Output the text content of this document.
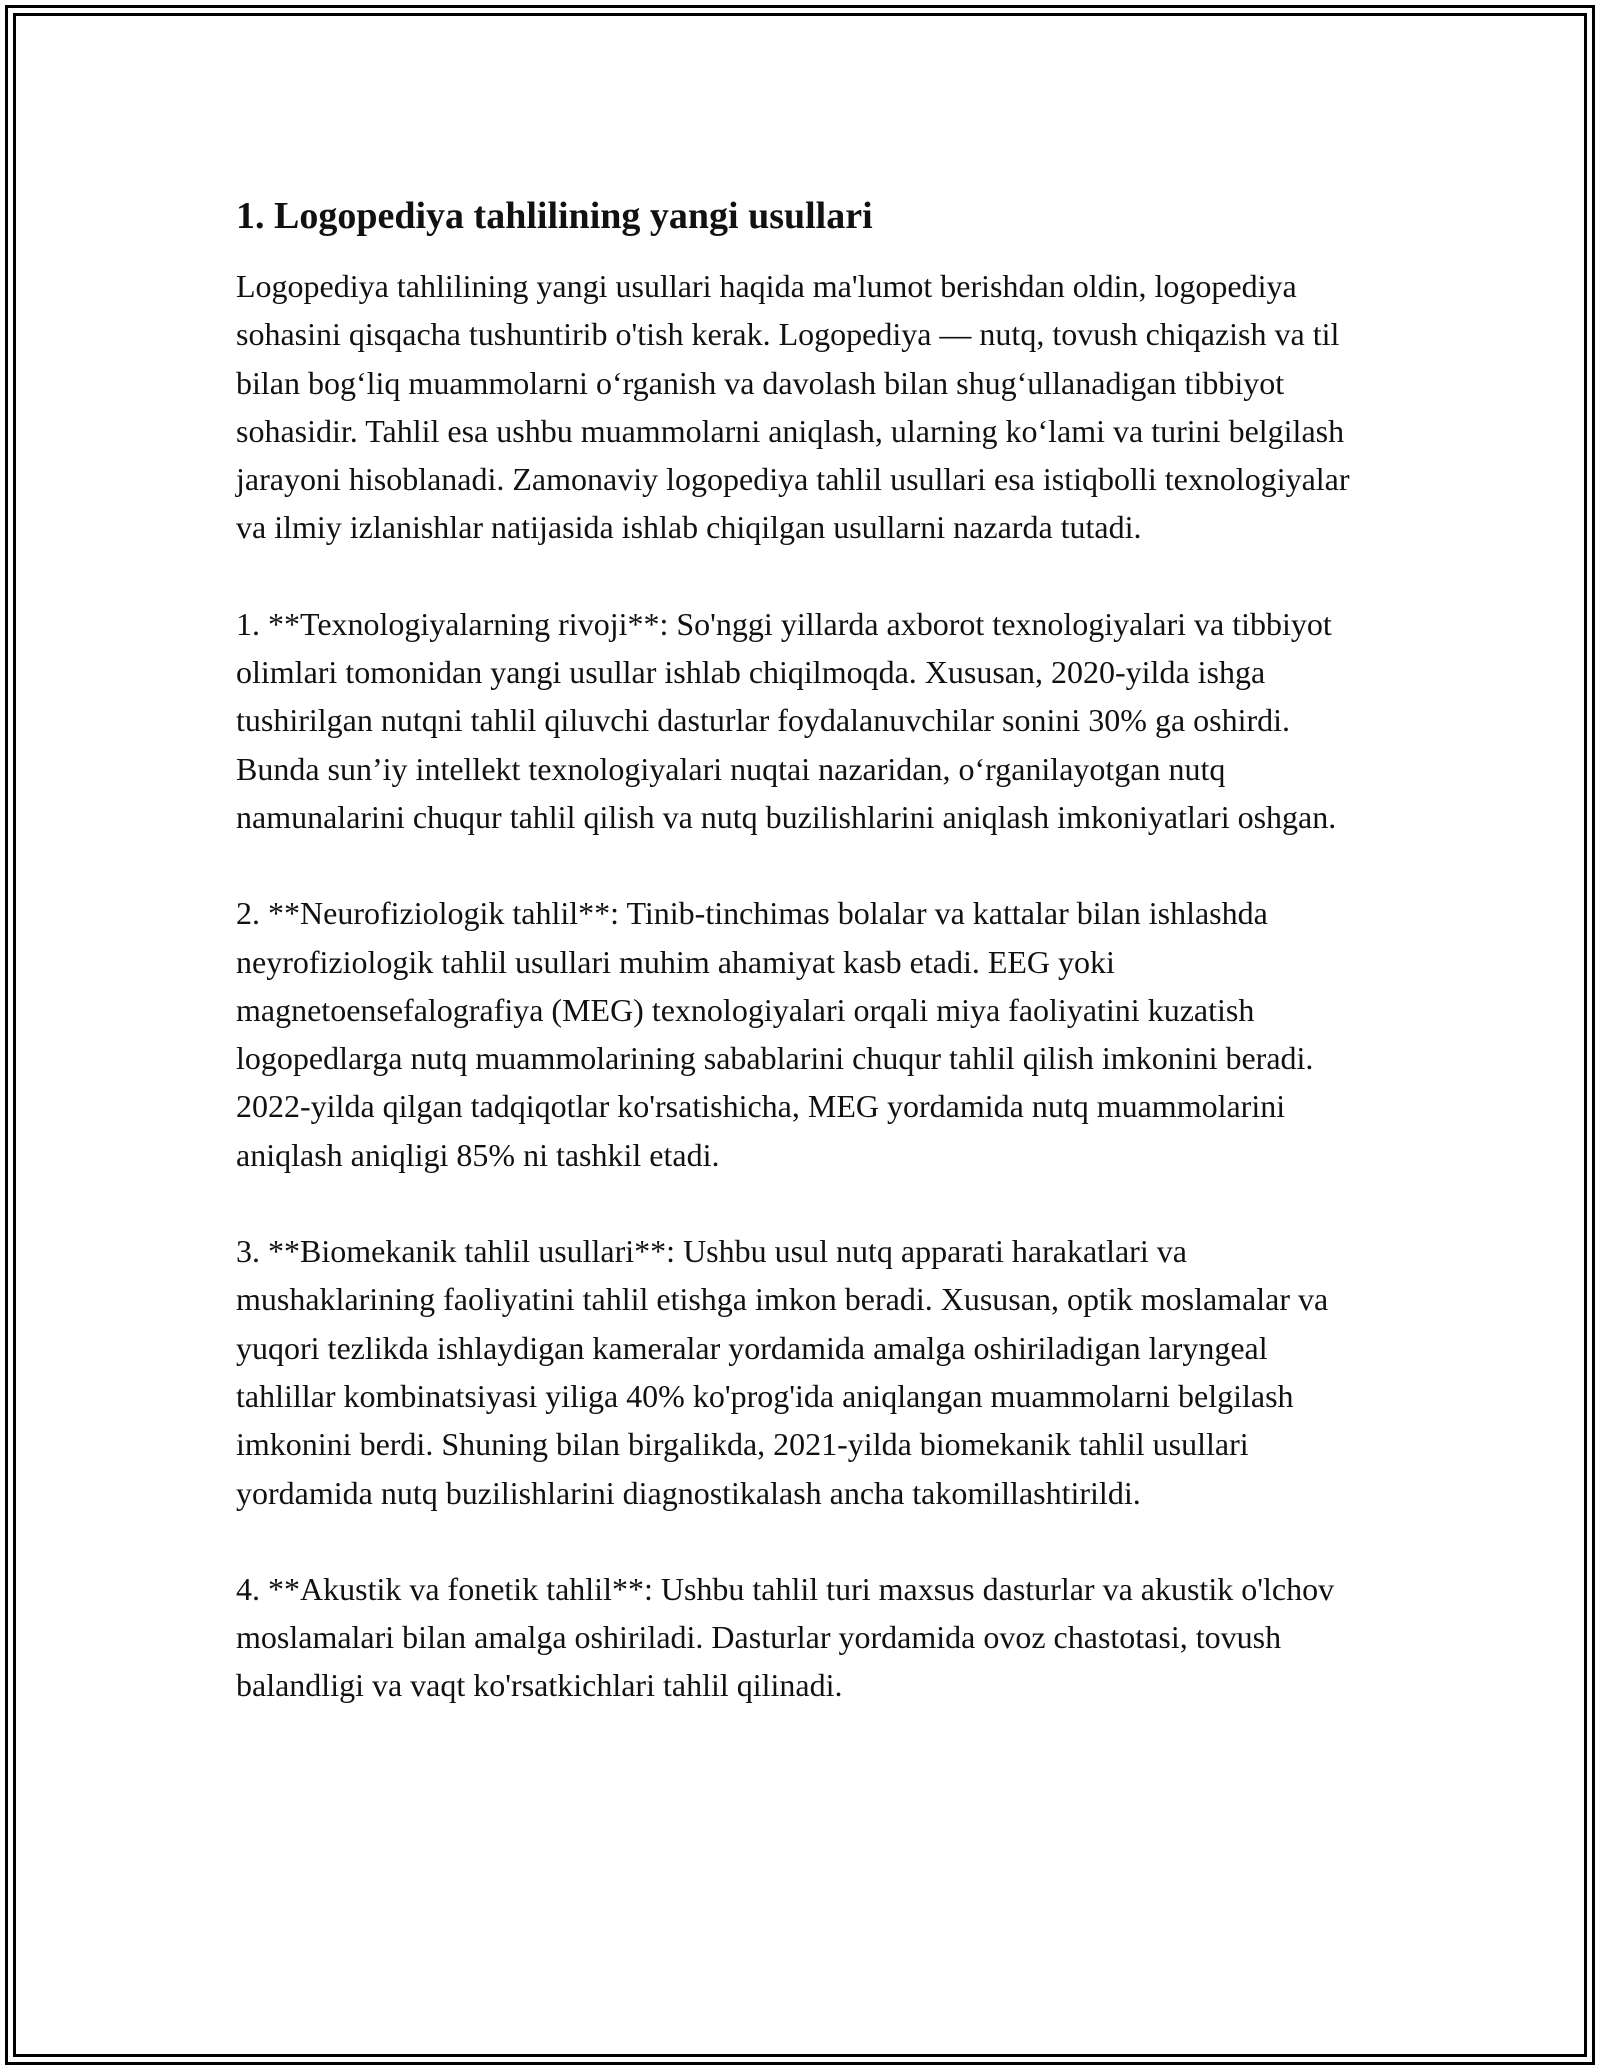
1. Logopediya tahlilining yangi usullari

Logopediya tahlilining yangi usullari haqida ma'lumot berishdan oldin, logopediya sohasini qisqacha tushuntirib o'tish kerak. Logopediya — nutq, tovush chiqazish va til bilan bog‘liq muammolarni o‘rganish va davolash bilan shug‘ullanadigan tibbiyot sohasidir. Tahlil esa ushbu muammolarni aniqlash, ularning ko‘lami va turini belgilash jarayoni hisoblanadi. Zamonaviy logopediya tahlil usullari esa istiqbolli texnologiyalar va ilmiy izlanishlar natijasida ishlab chiqilgan usullarni nazarda tutadi.

1. **Texnologiyalarning rivoji**: So'nggi yillarda axborot texnologiyalari va tibbiyot olimlari tomonidan yangi usullar ishlab chiqilmoqda. Xususan, 2020-yilda ishga tushirilgan nutqni tahlil qiluvchi dasturlar foydalanuvchilar sonini 30% ga oshirdi. Bunda sun’iy intellekt texnologiyalari nuqtai nazaridan, o‘rganilayotgan nutq namunalarini chuqur tahlil qilish va nutq buzilishlarini aniqlash imkoniyatlari oshgan.

2. **Neurofiziologik tahlil**: Tinib-tinchimas bolalar va kattalar bilan ishlashda neyrofiziologik tahlil usullari muhim ahamiyat kasb etadi. EEG yoki magnetoensefalografiya (MEG) texnologiyalari orqali miya faoliyatini kuzatish logopedlarga nutq muammolarining sabablarini chuqur tahlil qilish imkonini beradi. 2022-yilda qilgan tadqiqotlar ko'rsatishicha, MEG yordamida nutq muammolarini aniqlash aniqligi 85% ni tashkil etadi.

3. **Biomekanik tahlil usullari**: Ushbu usul nutq apparati harakatlari va mushaklarining faoliyatini tahlil etishga imkon beradi. Xususan, optik moslamalar va yuqori tezlikda ishlaydigan kameralar yordamida amalga oshiriladigan laryngeal tahlillar kombinatsiyasi yiliga 40% ko'prog'ida aniqlangan muammolarni belgilash imkonini berdi. Shuning bilan birgalikda, 2021-yilda biomekanik tahlil usullari yordamida nutq buzilishlarini diagnostikalash ancha takomillashtirildi.

4. **Akustik va fonetik tahlil**: Ushbu tahlil turi maxsus dasturlar va akustik o'lchov moslamalari bilan amalga oshiriladi. Dasturlar yordamida ovoz chastotasi, tovush balandligi va vaqt ko'rsatkichlari tahlil qilinadi.
